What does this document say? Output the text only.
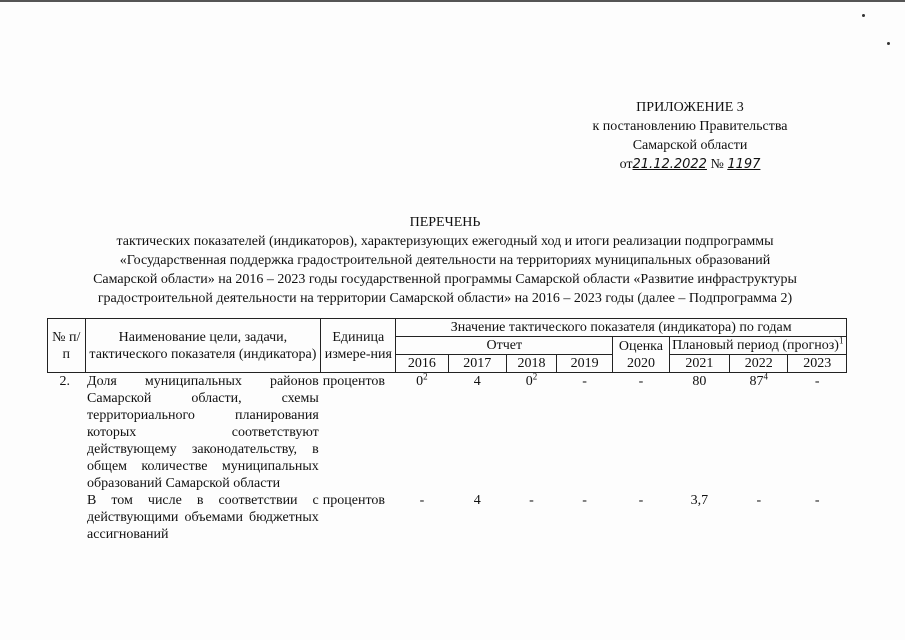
ПРИЛОЖЕНИЕ 3
к постановлению Правительства
Самарской области
от21.12.2022 № 1197
ПЕРЕЧЕНЬ
тактических показателей (индикаторов), характеризующих ежегодный ход и итоги реализации подпрограммы
«Государственная поддержка градостроительной деятельности на территориях муниципальных образований
Самарской области» на 2016 – 2023 годы государственной программы Самарской области «Развитие инфраструктуры
градостроительной деятельности на территории Самарской области» на 2016 – 2023 годы (далее – Подпрограмма 2)
№ п/п	Наименование цели, задачи, тактического показателя (индикатора)	Единица измере-ния	Значение тактического показателя (индикатора) по годам							
			Отчет				Оценка 2020	Плановый период (прогноз)$^1$
			2016	2017	2018	2019		2021	2022	2023
2.	Доля муниципальных районов Самарской области, схемы территориального планирования которых соответствуют действующему законодательству, в общем количестве муниципальных образований Самарской области	процентов	$0^2$	4	$0^2$	-	-	80	$87^4$	-
	В том числе в соответствии с действующими объемами бюджетных ассигнований	процентов	-	4	-	-	-	3,7	-	-
